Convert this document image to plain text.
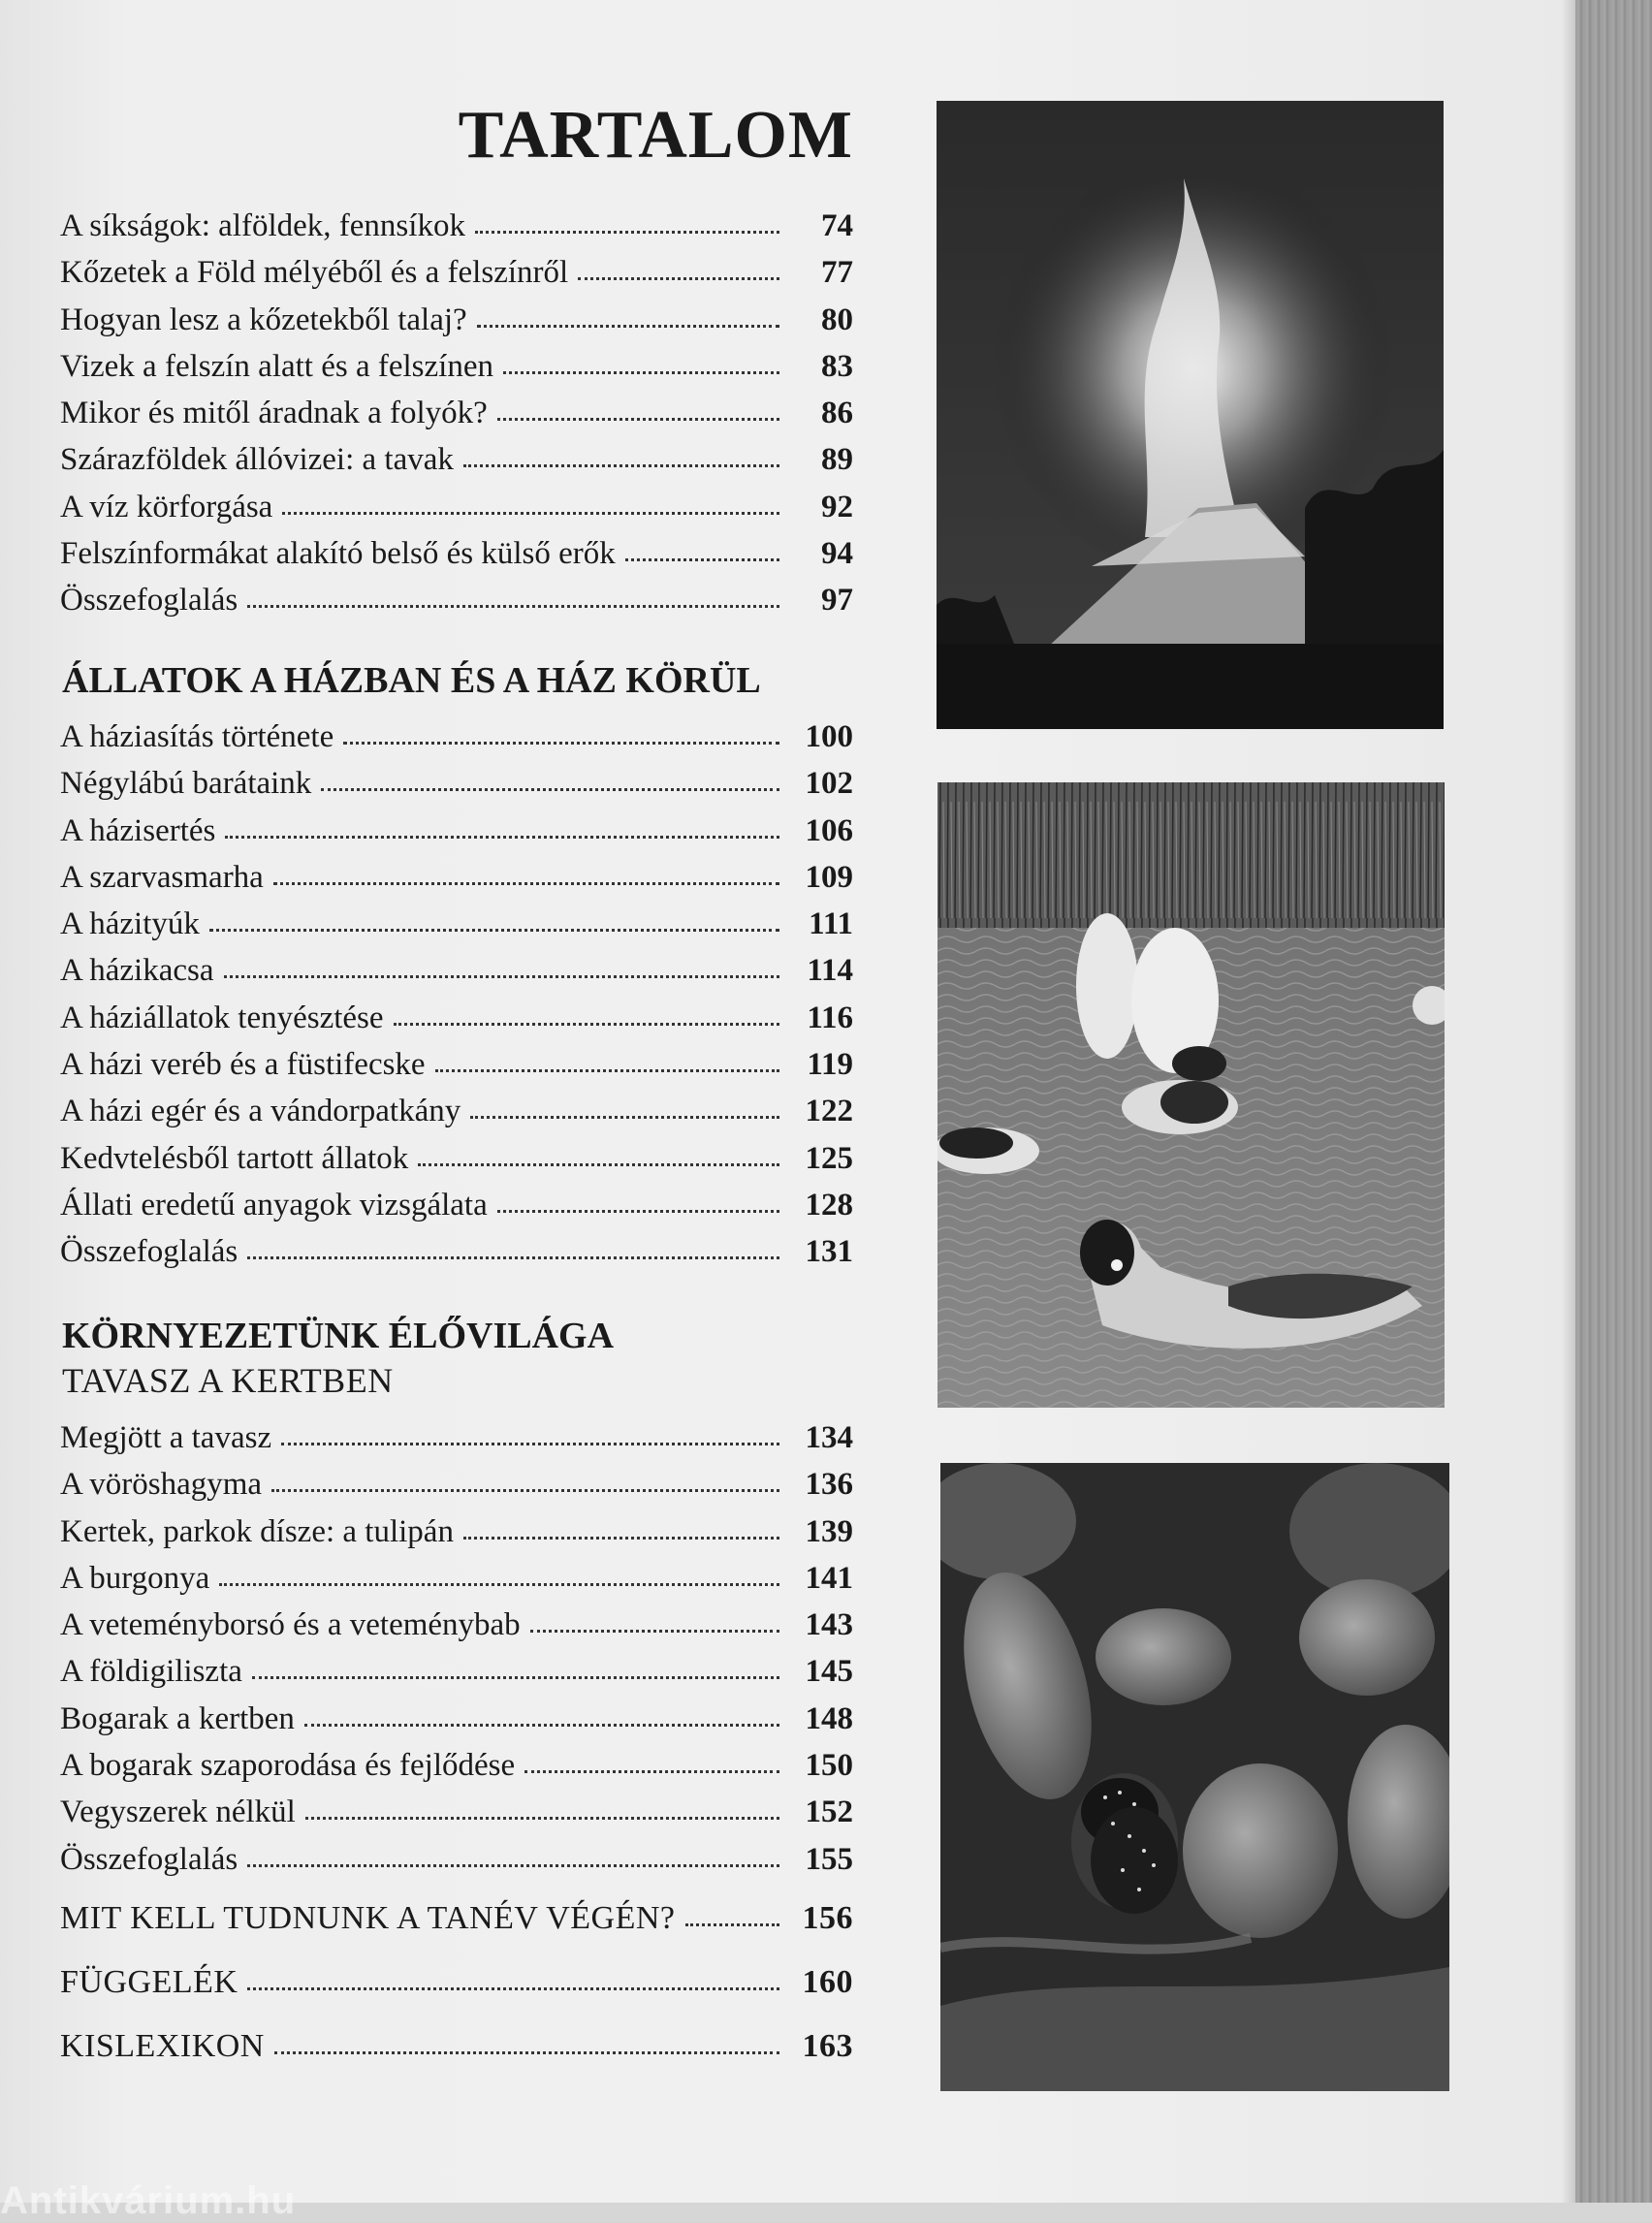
TARTALOM
A síkságok: alföldek, fennsíkok	74
Kőzetek a Föld mélyéből és a felszínről	77
Hogyan lesz a kőzetekből talaj?	80
Vizek a felszín alatt és a felszínen	83
Mikor és mitől áradnak a folyók?	86
Szárazföldek állóvizei: a tavak	89
A víz körforgása	92
Felszínformákat alakító belső és külső erők	94
Összefoglalás	97
ÁLLATOK A HÁZBAN ÉS A HÁZ KÖRÜL
A háziasítás története	100
Négylábú barátaink	102
A házisertés	106
A szarvasmarha	109
A házityúk	111
A házikacsa	114
A háziállatok tenyésztése	116
A házi veréb és a füstifecske	119
A házi egér és a vándorpatkány	122
Kedvtelésből tartott állatok	125
Állati eredetű anyagok vizsgálata	128
Összefoglalás	131
KÖRNYEZETÜNK ÉLŐVILÁGA
TAVASZ A KERTBEN
Megjött a tavasz	134
A vöröshagyma	136
Kertek, parkok dísze: a tulipán	139
A burgonya	141
A veteménybors​ó és a veteménybab	143
A földigiliszta	145
Bogarak a kertben	148
A bogarak szaporodása és fejlődése	150
Vegyszerek nélkül	152
Összefoglalás	155
MIT KELL TUDNUNK A TANÉV VÉGÉN?	156
FÜGGELÉK	160
KISLEXIKON	163
Antikvárium.hu
